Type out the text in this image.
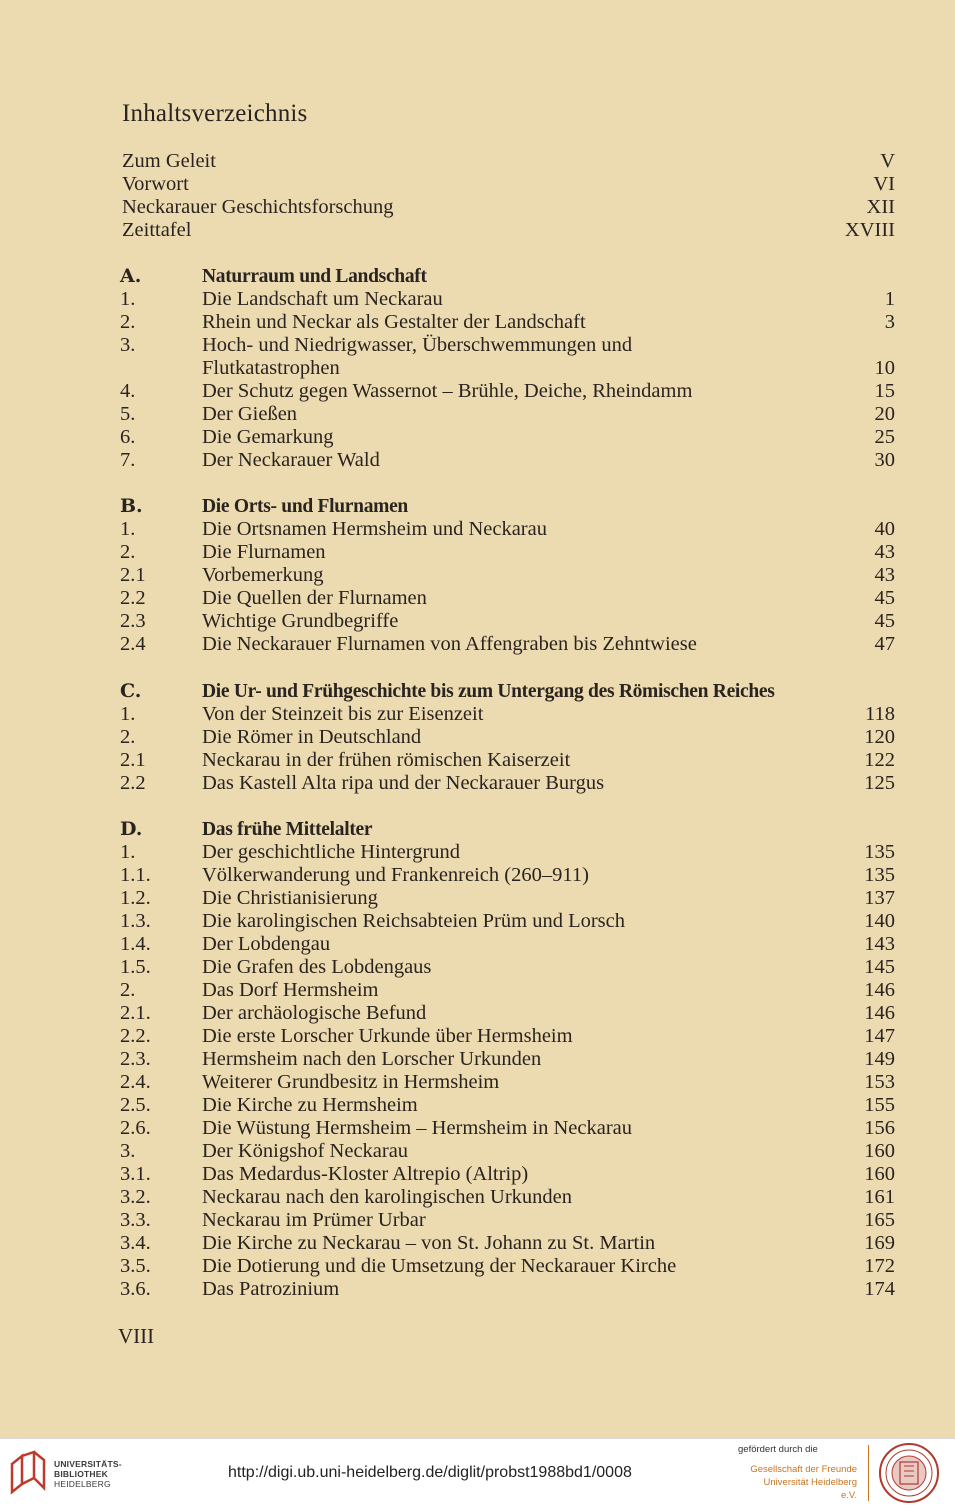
Inhaltsverzeichnis
Zum Geleit	V
Vorwort	VI
Neckarauer Geschichtsforschung	XII
Zeittafel	XVIII
A.	Naturraum und Landschaft
1.	Die Landschaft um Neckarau	1
2.	Rhein und Neckar als Gestalter der Landschaft	3
3.	Hoch- und Niedrigwasser, Überschwemmungen und
Flutkatastrophen	10
4.	Der Schutz gegen Wassernot – Brühle, Deiche, Rheindamm	15
5.	Der Gießen	20
6.	Die Gemarkung	25
7.	Der Neckarauer Wald	30
B.	Die Orts- und Flurnamen
1.	Die Ortsnamen Hermsheim und Neckarau	40
2.	Die Flurnamen	43
2.1	Vorbemerkung	43
2.2	Die Quellen der Flurnamen	45
2.3	Wichtige Grundbegriffe	45
2.4	Die Neckarauer Flurnamen von Affengraben bis Zehntwiese	47
C.	Die Ur- und Frühgeschichte bis zum Untergang des Römischen Reiches
1.	Von der Steinzeit bis zur Eisenzeit	118
2.	Die Römer in Deutschland	120
2.1	Neckarau in der frühen römischen Kaiserzeit	122
2.2	Das Kastell Alta ripa und der Neckarauer Burgus	125
D.	Das frühe Mittelalter
1.	Der geschichtliche Hintergrund	135
1.1.	Völkerwanderung und Frankenreich (260–911)	135
1.2.	Die Christianisierung	137
1.3.	Die karolingischen Reichsabteien Prüm und Lorsch	140
1.4.	Der Lobdengau	143
1.5.	Die Grafen des Lobdengaus	145
2.	Das Dorf Hermsheim	146
2.1.	Der archäologische Befund	146
2.2.	Die erste Lorscher Urkunde über Hermsheim	147
2.3.	Hermsheim nach den Lorscher Urkunden	149
2.4.	Weiterer Grundbesitz in Hermsheim	153
2.5.	Die Kirche zu Hermsheim	155
2.6.	Die Wüstung Hermsheim – Hermsheim in Neckarau	156
3.	Der Königshof Neckarau	160
3.1.	Das Medardus-Kloster Altrepio (Altrip)	160
3.2.	Neckarau nach den karolingischen Urkunden	161
3.3.	Neckarau im Prümer Urbar	165
3.4.	Die Kirche zu Neckarau – von St. Johann zu St. Martin	169
3.5.	Die Dotierung und die Umsetzung der Neckarauer Kirche	172
3.6.	Das Patrozinium	174
VIII
UNIVERSITÄTS-
BIBLIOTHEK
HEIDELBERG
http://digi.ub.uni-heidelberg.de/diglit/probst1988bd1/0008
gefördert durch die
Gesellschaft der Freunde
Universität Heidelberg e.V.
